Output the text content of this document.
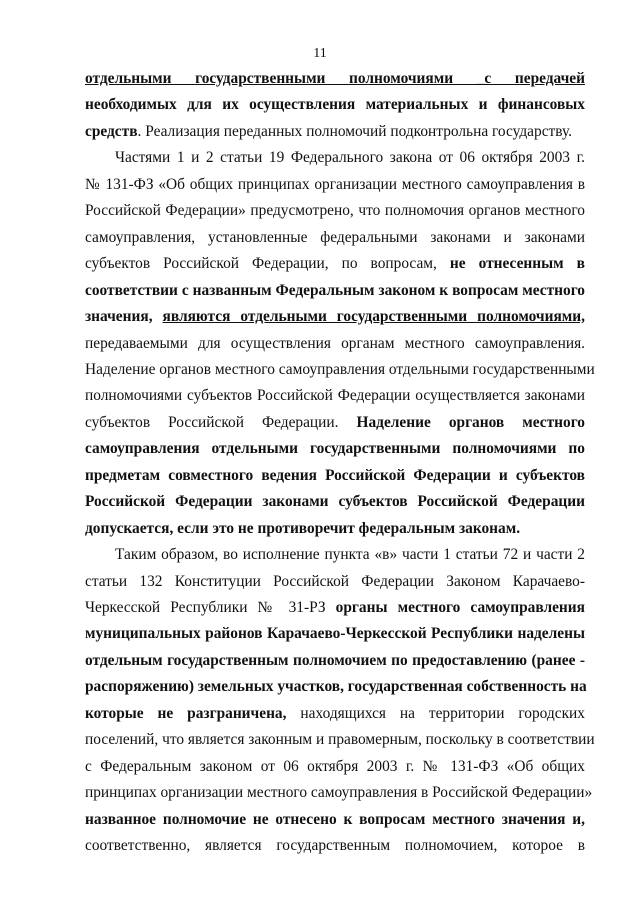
11
отдельными государственными полномочиями _с передачей
необходимых для их осуществления материальных и финансовых
средств. Реализация переданных полномочий подконтрольна государству.
Частями 1 и 2 статьи 19 Федерального закона от 06 октября 2003 г.
№ 131-ФЗ «Об общих принципах организации местного самоуправления в
Российской Федерации» предусмотрено, что полномочия органов местного
самоуправления, установленные федеральными законами и законами
субъектов Российской Федерации, по вопросам, не отнесенным в
соответствии с названным Федеральным законом к вопросам местного
значения, являются отдельными государственными полномочиями,
передаваемыми для осуществления органам местного самоуправления.
Наделение органов местного самоуправления отдельными государственными
полномочиями субъектов Российской Федерации осуществляется законами
субъектов Российской Федерации. Наделение органов местного
самоуправления отдельными государственными полномочиями по
предметам совместного ведения Российской Федерации и субъектов
Российской Федерации законами субъектов Российской Федерации
допускается, если это не противоречит федеральным законам.
Таким образом, во исполнение пункта «в» части 1 статьи 72 и части 2
статьи 132 Конституции Российской Федерации Законом Карачаево-
Черкесской Республики № 31-РЗ органы местного самоуправления
муниципальных районов Карачаево-Черкесской Республики наделены
отдельным государственным полномочием по предоставлению (ранее -
распоряжению) земельных участков, государственная собственность на
которые не разграничена, находящихся на территории городских
поселений, что является законным и правомерным, поскольку в соответствии
с Федеральным законом от 06 октября 2003 г. № 131-ФЗ «Об общих
принципах организации местного самоуправления в Российской Федерации»
названное полномочие не отнесено к вопросам местного значения и,
соответственно, является государственным полномочием, которое в
